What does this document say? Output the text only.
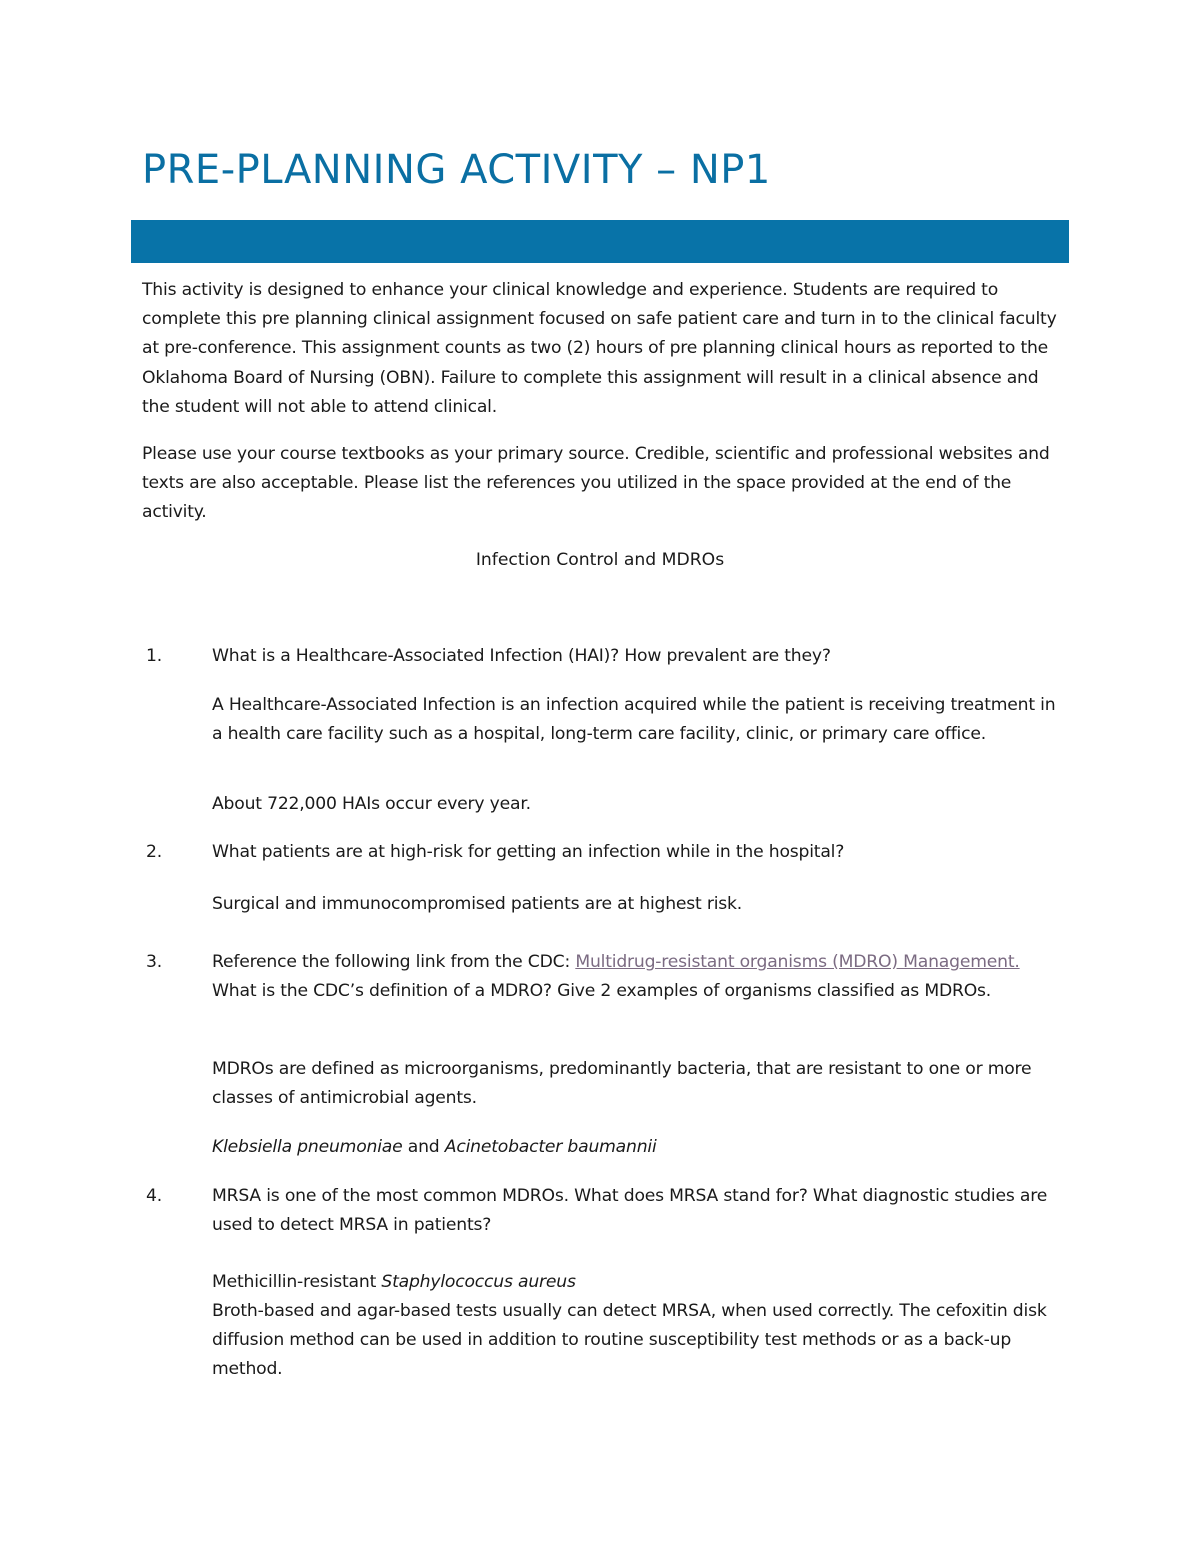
PRE-PLANNING ACTIVITY – NP1

This activity is designed to enhance your clinical knowledge and experience. Students are required to complete this pre planning clinical assignment focused on safe patient care and turn in to the clinical faculty at pre-conference. This assignment counts as two (2) hours of pre planning clinical hours as reported to the Oklahoma Board of Nursing (OBN). Failure to complete this assignment will result in a clinical absence and the student will not able to attend clinical.

Please use your course textbooks as your primary source. Credible, scientific and professional websites and texts are also acceptable. Please list the references you utilized in the space provided at the end of the activity.

Infection Control and MDROs

1.	What is a Healthcare-Associated Infection (HAI)? How prevalent are they?

A Healthcare-Associated Infection is an infection acquired while the patient is receiving treatment in a health care facility such as a hospital, long-term care facility, clinic, or primary care office.

About 722,000 HAIs occur every year.

2.	What patients are at high-risk for getting an infection while in the hospital?

Surgical and immunocompromised patients are at highest risk.

3.	Reference the following link from the CDC: Multidrug-resistant organisms (MDRO) Management. What is the CDC’s definition of a MDRO? Give 2 examples of organisms classified as MDROs.

MDROs are defined as microorganisms, predominantly bacteria, that are resistant to one or more classes of antimicrobial agents.

Klebsiella pneumoniae and Acinetobacter baumannii

4.	MRSA is one of the most common MDROs. What does MRSA stand for? What diagnostic studies are used to detect MRSA in patients?

Methicillin-resistant Staphylococcus aureus

Broth-based and agar-based tests usually can detect MRSA, when used correctly. The cefoxitin disk diffusion method can be used in addition to routine susceptibility test methods or as a back-up method.
